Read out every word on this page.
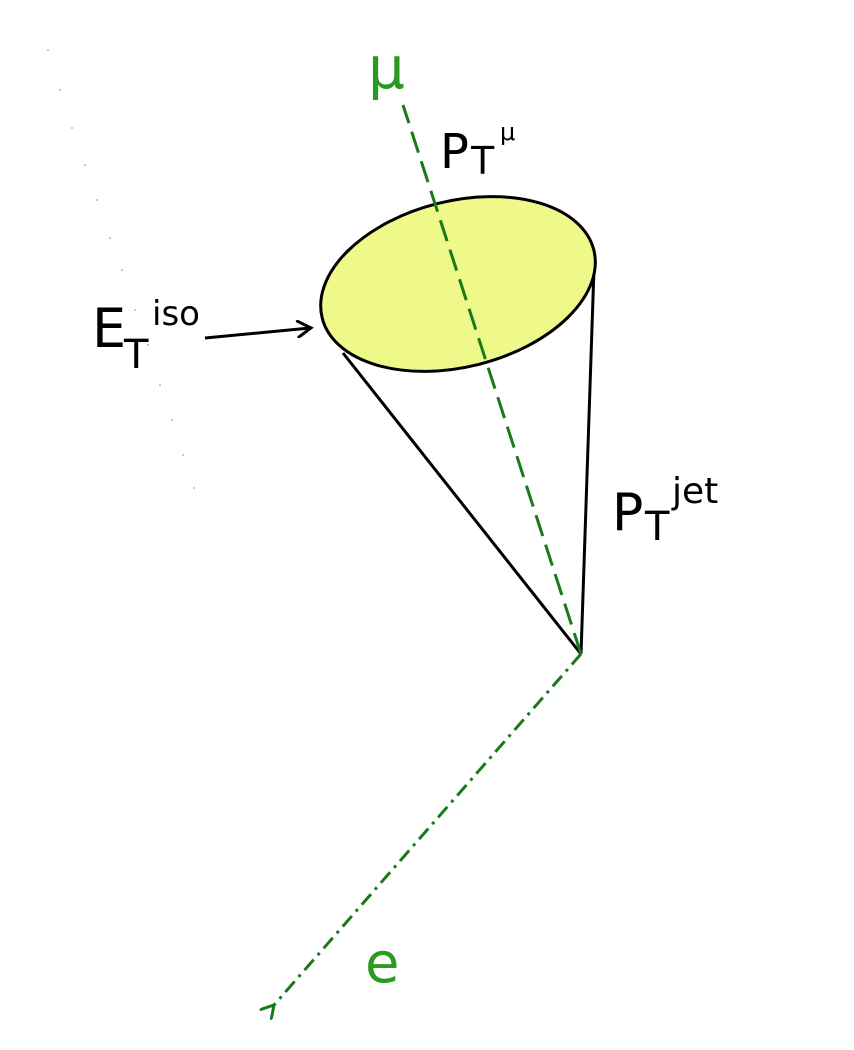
μ
e
P T
μ
E
T
iso
P T
jet
